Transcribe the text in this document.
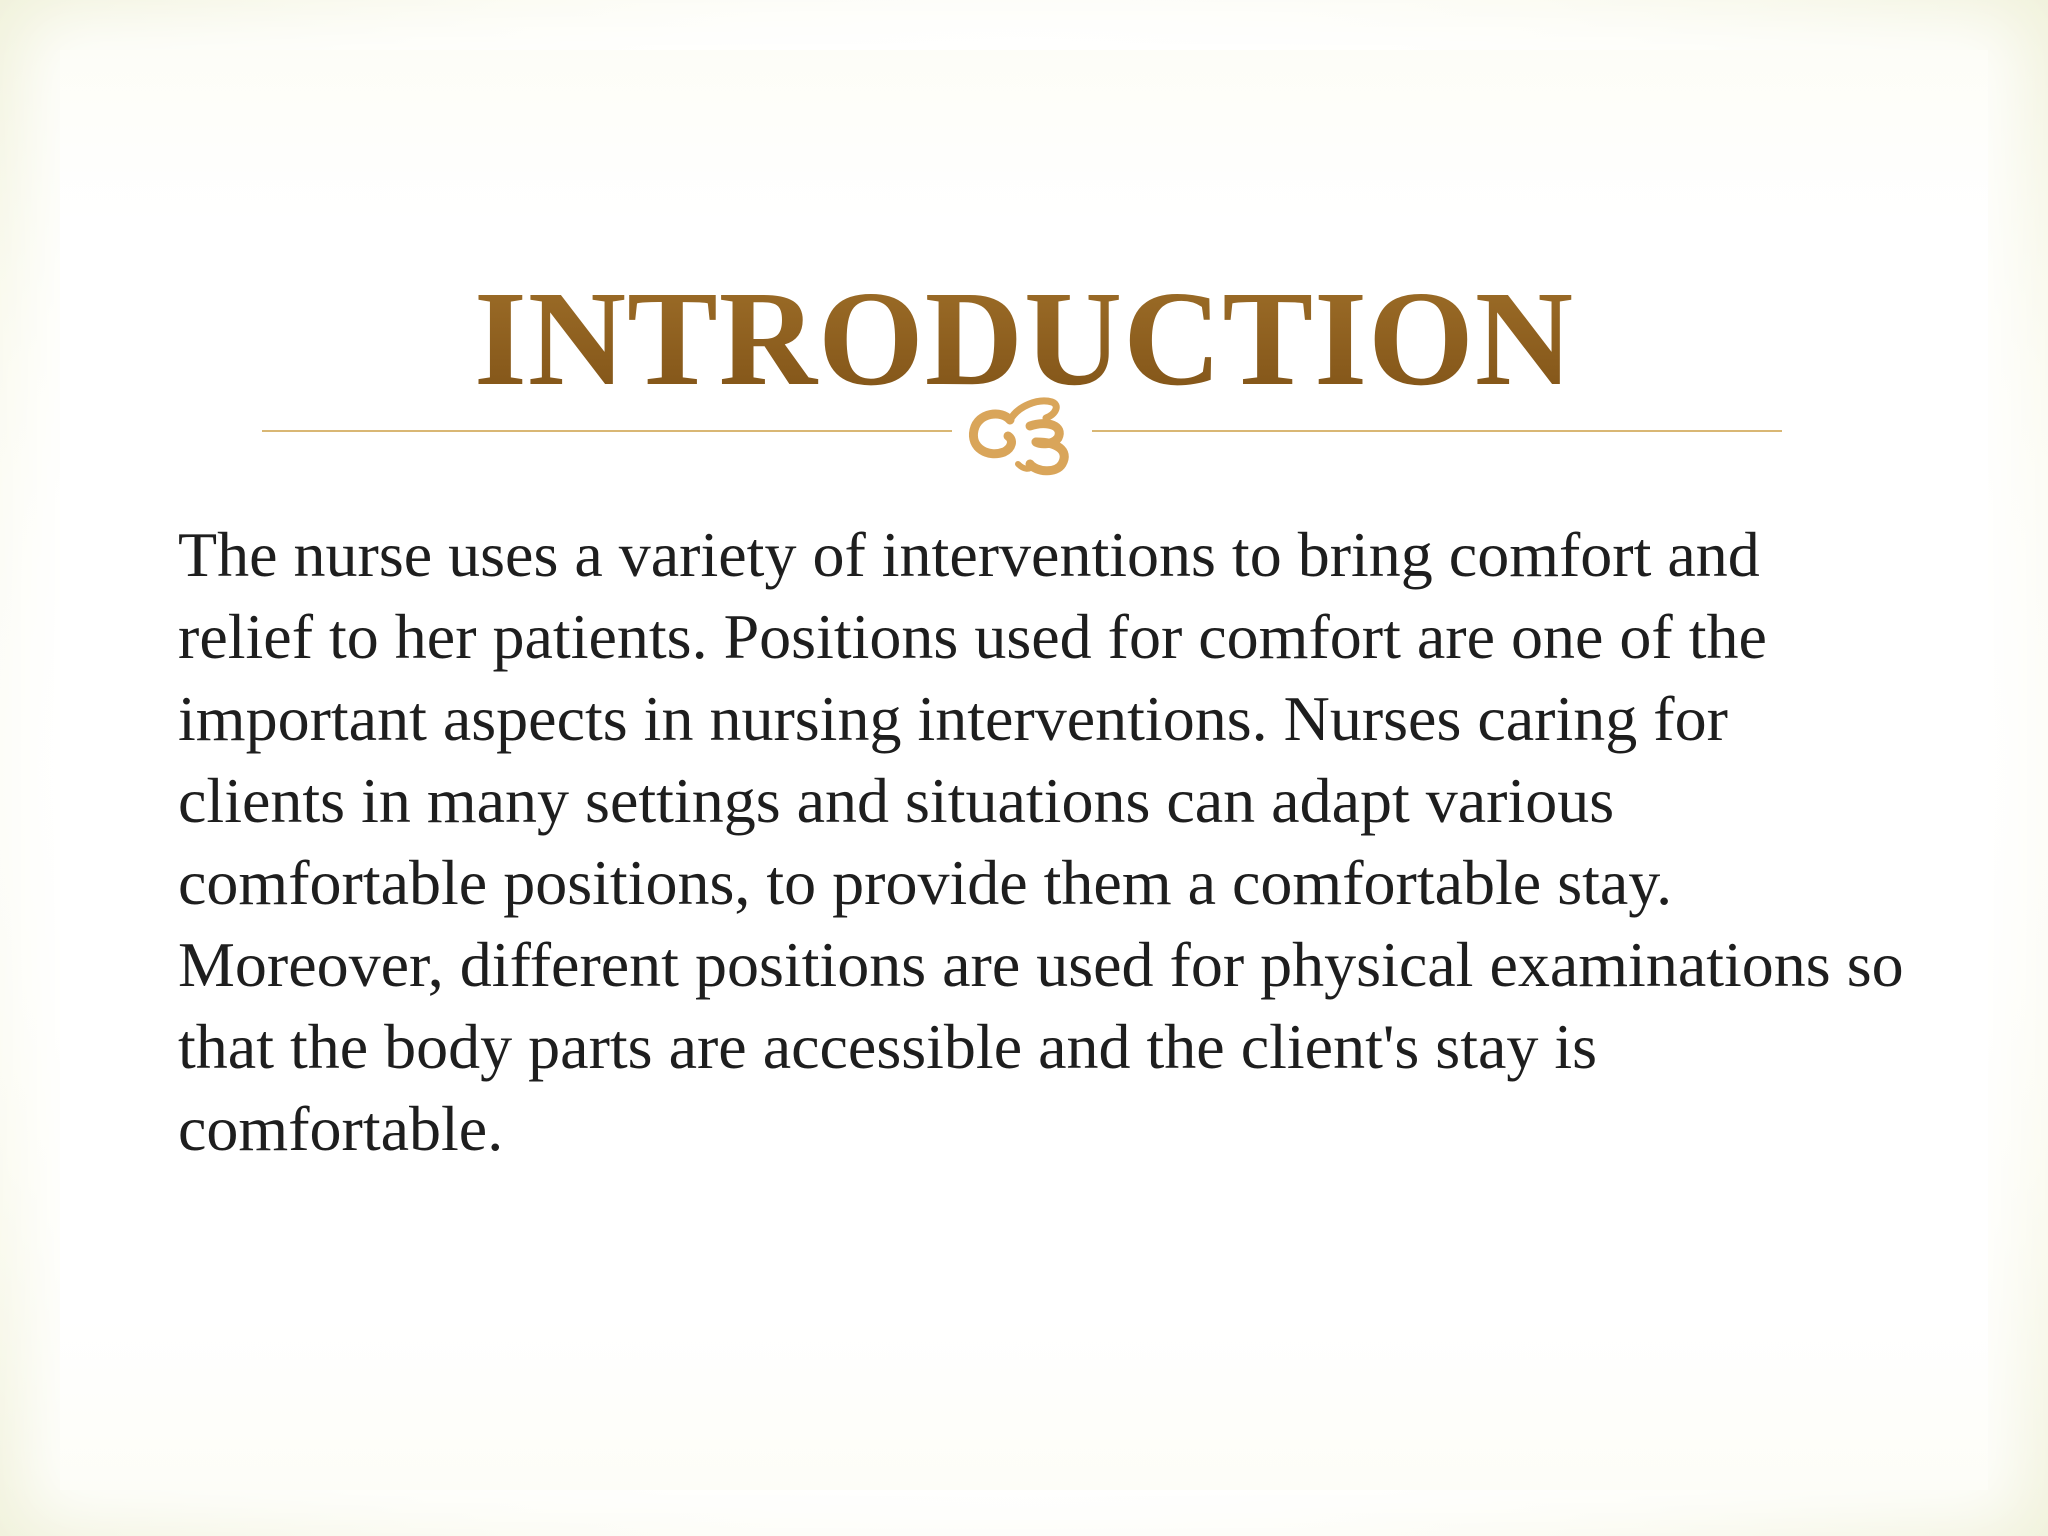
INTRODUCTION

The nurse uses a variety of interventions to bring comfort and relief to her patients. Positions used for comfort are one of the important aspects in nursing interventions. Nurses caring for clients in many settings and situations can adapt various comfortable positions, to provide them a comfortable stay. Moreover, different positions are used for physical examinations so that the body parts are accessible and the client's stay is comfortable.
